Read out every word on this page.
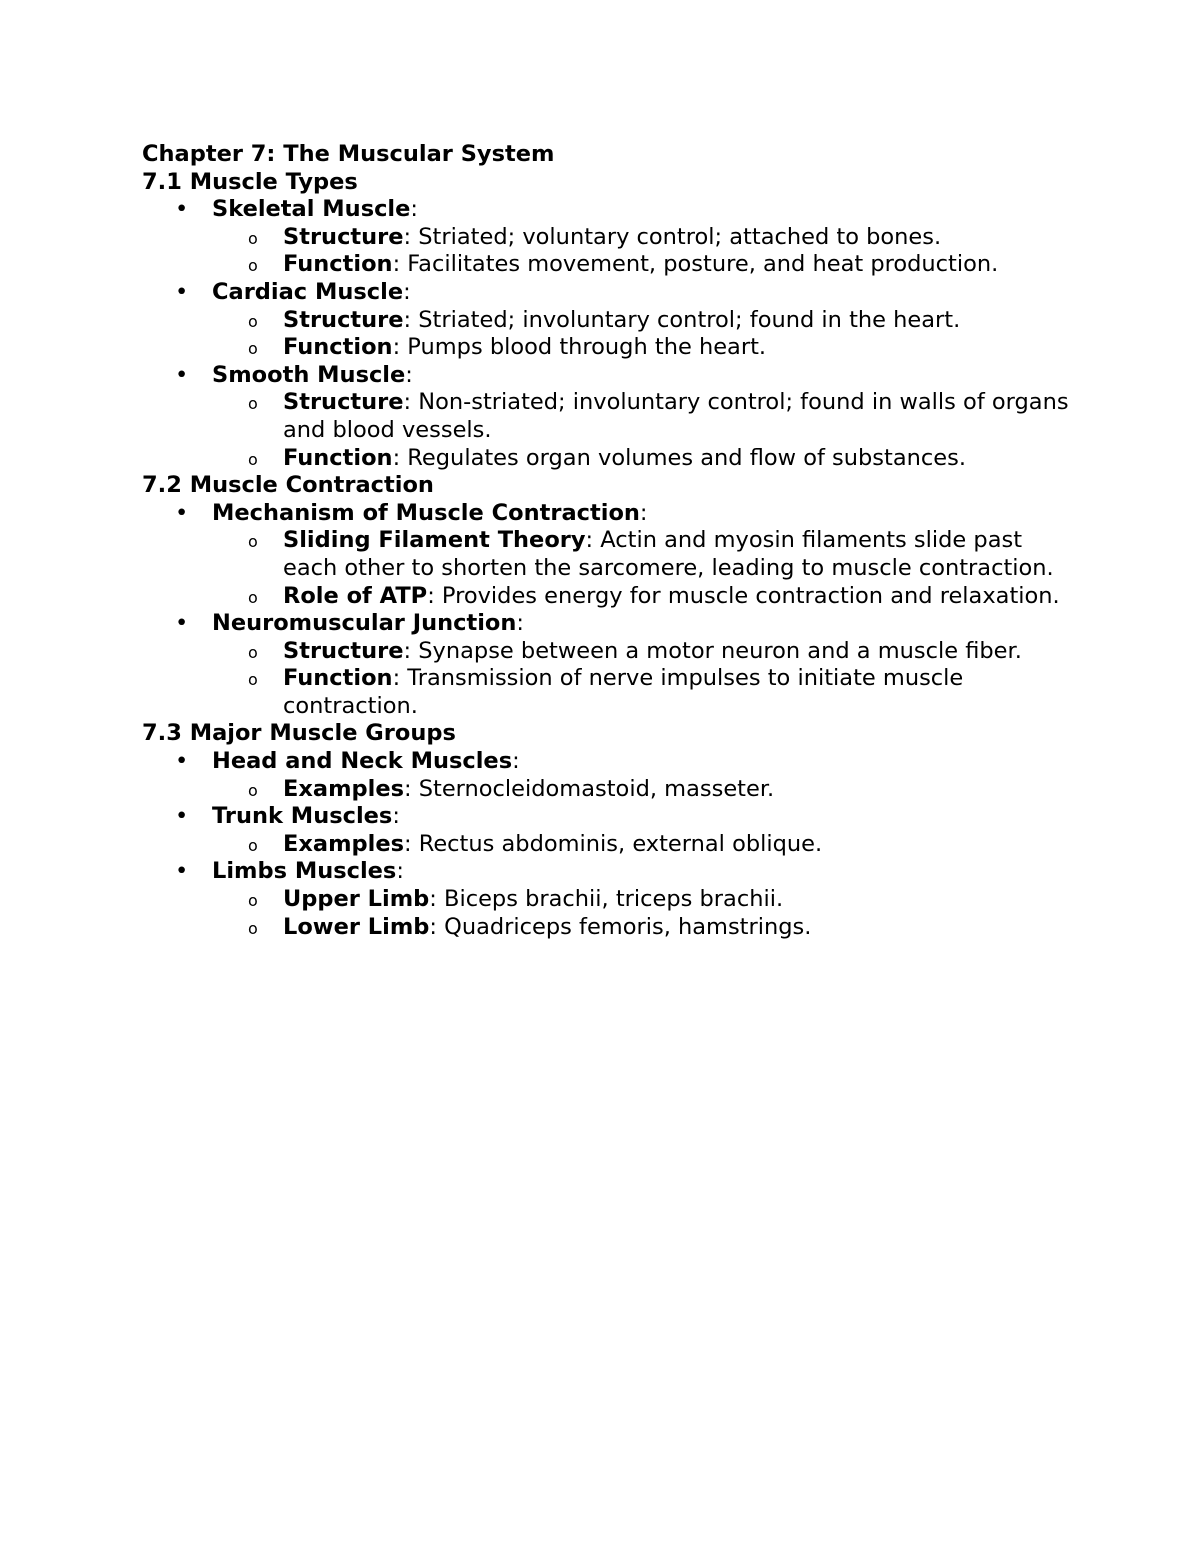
Chapter 7: The Muscular System
7.1 Muscle Types
• Skeletal Muscle:
o Structure: Striated; voluntary control; attached to bones.
o Function: Facilitates movement, posture, and heat production.
• Cardiac Muscle:
o Structure: Striated; involuntary control; found in the heart.
o Function: Pumps blood through the heart.
• Smooth Muscle:
o Structure: Non-striated; involuntary control; found in walls of organs and blood vessels.
o Function: Regulates organ volumes and flow of substances.
7.2 Muscle Contraction
• Mechanism of Muscle Contraction:
o Sliding Filament Theory: Actin and myosin filaments slide past each other to shorten the sarcomere, leading to muscle contraction.
o Role of ATP: Provides energy for muscle contraction and relaxation.
• Neuromuscular Junction:
o Structure: Synapse between a motor neuron and a muscle fiber.
o Function: Transmission of nerve impulses to initiate muscle contraction.
7.3 Major Muscle Groups
• Head and Neck Muscles:
o Examples: Sternocleidomastoid, masseter.
• Trunk Muscles:
o Examples: Rectus abdominis, external oblique.
• Limbs Muscles:
o Upper Limb: Biceps brachii, triceps brachii.
o Lower Limb: Quadriceps femoris, hamstrings.
